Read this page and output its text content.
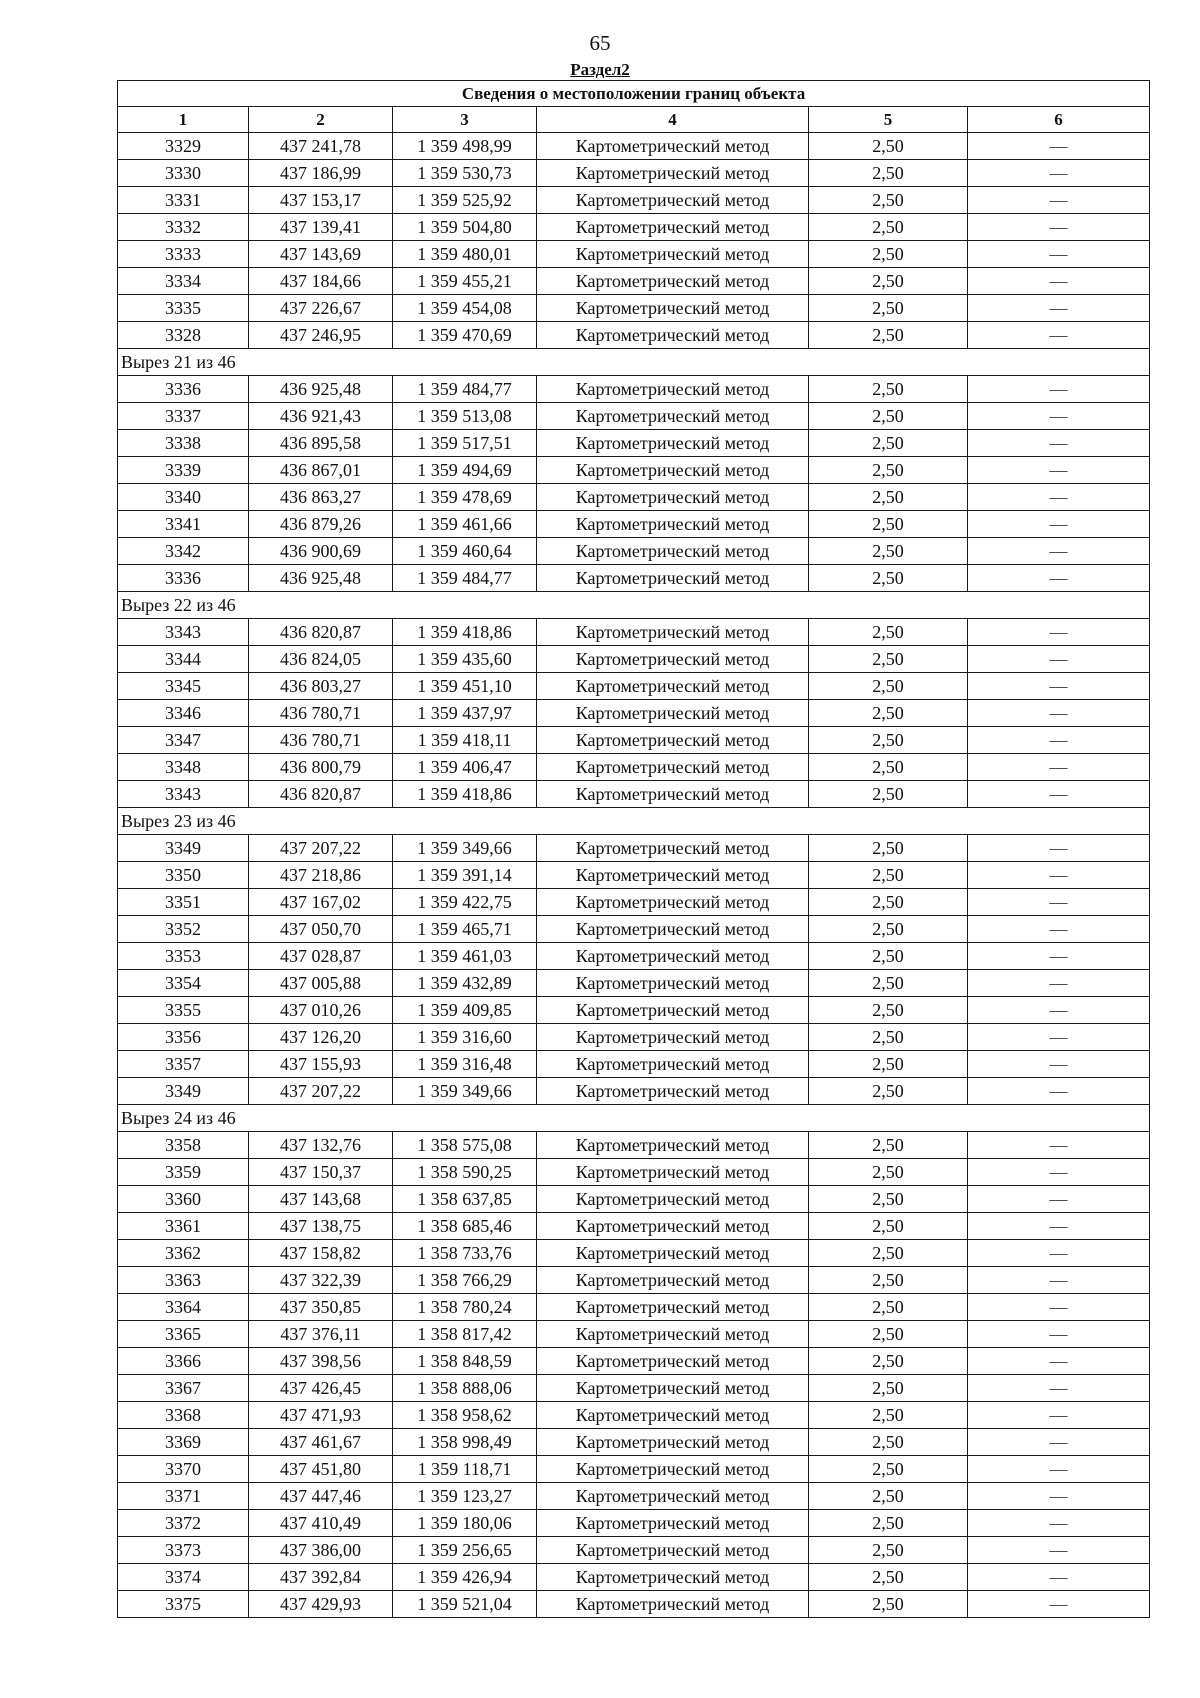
65
Раздел2
Сведения о местоположении границ объекта					
1	2	3	4	5	6
3329	437 241,78	1 359 498,99	Картометрический метод	2,50	—
3330	437 186,99	1 359 530,73	Картометрический метод	2,50	—
3331	437 153,17	1 359 525,92	Картометрический метод	2,50	—
3332	437 139,41	1 359 504,80	Картометрический метод	2,50	—
3333	437 143,69	1 359 480,01	Картометрический метод	2,50	—
3334	437 184,66	1 359 455,21	Картометрический метод	2,50	—
3335	437 226,67	1 359 454,08	Картометрический метод	2,50	—
3328	437 246,95	1 359 470,69	Картометрический метод	2,50	—
Вырез 21 из 46					
3336	436 925,48	1 359 484,77	Картометрический метод	2,50	—
3337	436 921,43	1 359 513,08	Картометрический метод	2,50	—
3338	436 895,58	1 359 517,51	Картометрический метод	2,50	—
3339	436 867,01	1 359 494,69	Картометрический метод	2,50	—
3340	436 863,27	1 359 478,69	Картометрический метод	2,50	—
3341	436 879,26	1 359 461,66	Картометрический метод	2,50	—
3342	436 900,69	1 359 460,64	Картометрический метод	2,50	—
3336	436 925,48	1 359 484,77	Картометрический метод	2,50	—
Вырез 22 из 46					
3343	436 820,87	1 359 418,86	Картометрический метод	2,50	—
3344	436 824,05	1 359 435,60	Картометрический метод	2,50	—
3345	436 803,27	1 359 451,10	Картометрический метод	2,50	—
3346	436 780,71	1 359 437,97	Картометрический метод	2,50	—
3347	436 780,71	1 359 418,11	Картометрический метод	2,50	—
3348	436 800,79	1 359 406,47	Картометрический метод	2,50	—
3343	436 820,87	1 359 418,86	Картометрический метод	2,50	—
Вырез 23 из 46					
3349	437 207,22	1 359 349,66	Картометрический метод	2,50	—
3350	437 218,86	1 359 391,14	Картометрический метод	2,50	—
3351	437 167,02	1 359 422,75	Картометрический метод	2,50	—
3352	437 050,70	1 359 465,71	Картометрический метод	2,50	—
3353	437 028,87	1 359 461,03	Картометрический метод	2,50	—
3354	437 005,88	1 359 432,89	Картометрический метод	2,50	—
3355	437 010,26	1 359 409,85	Картометрический метод	2,50	—
3356	437 126,20	1 359 316,60	Картометрический метод	2,50	—
3357	437 155,93	1 359 316,48	Картометрический метод	2,50	—
3349	437 207,22	1 359 349,66	Картометрический метод	2,50	—
Вырез 24 из 46					
3358	437 132,76	1 358 575,08	Картометрический метод	2,50	—
3359	437 150,37	1 358 590,25	Картометрический метод	2,50	—
3360	437 143,68	1 358 637,85	Картометрический метод	2,50	—
3361	437 138,75	1 358 685,46	Картометрический метод	2,50	—
3362	437 158,82	1 358 733,76	Картометрический метод	2,50	—
3363	437 322,39	1 358 766,29	Картометрический метод	2,50	—
3364	437 350,85	1 358 780,24	Картометрический метод	2,50	—
3365	437 376,11	1 358 817,42	Картометрический метод	2,50	—
3366	437 398,56	1 358 848,59	Картометрический метод	2,50	—
3367	437 426,45	1 358 888,06	Картометрический метод	2,50	—
3368	437 471,93	1 358 958,62	Картометрический метод	2,50	—
3369	437 461,67	1 358 998,49	Картометрический метод	2,50	—
3370	437 451,80	1 359 118,71	Картометрический метод	2,50	—
3371	437 447,46	1 359 123,27	Картометрический метод	2,50	—
3372	437 410,49	1 359 180,06	Картометрический метод	2,50	—
3373	437 386,00	1 359 256,65	Картометрический метод	2,50	—
3374	437 392,84	1 359 426,94	Картометрический метод	2,50	—
3375	437 429,93	1 359 521,04	Картометрический метод	2,50	—
